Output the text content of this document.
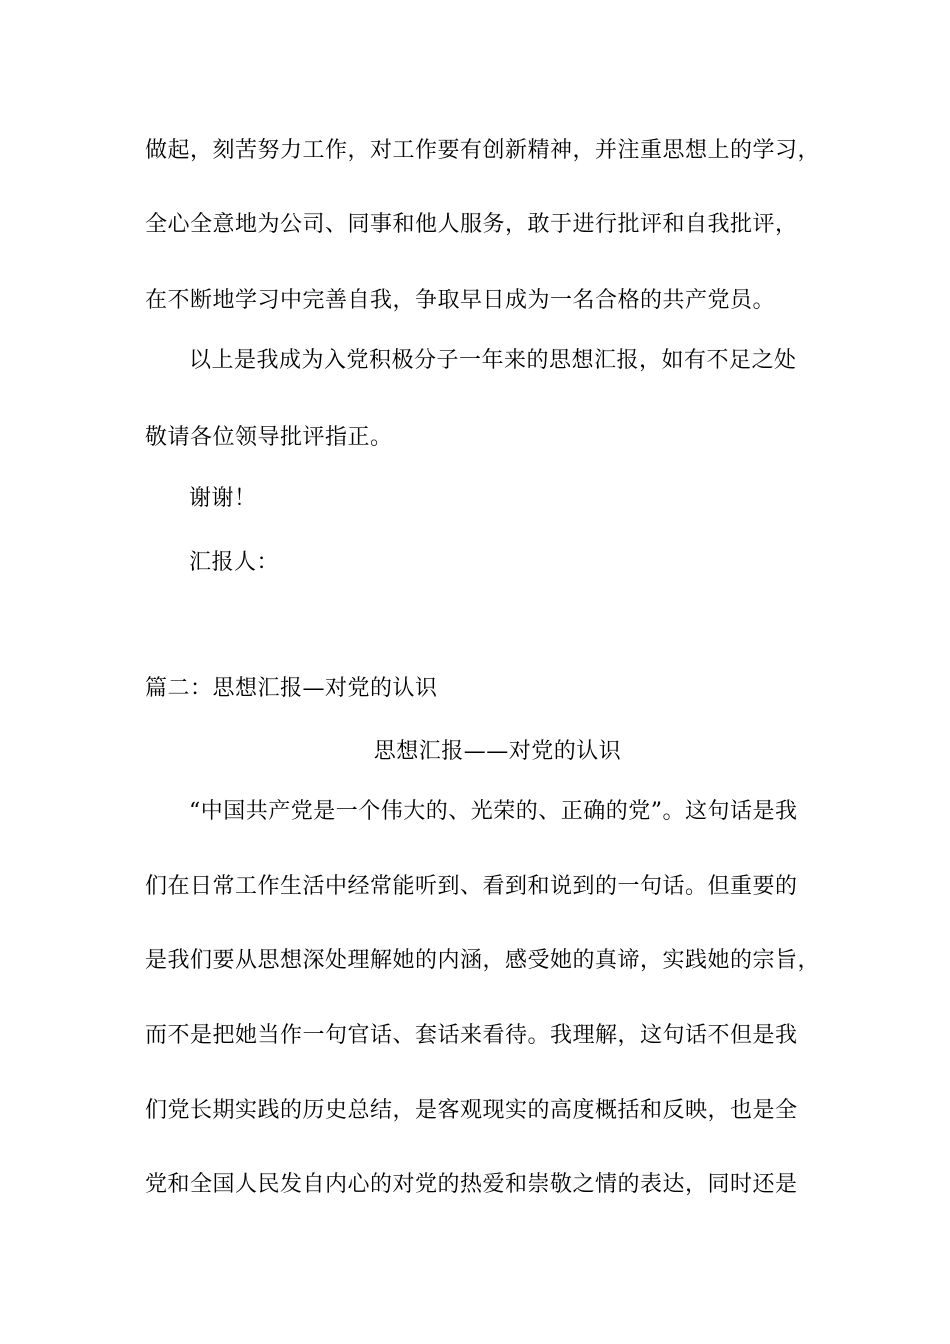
做起，刻苦努力工作，对工作要有创新精神，并注重思想上的学习，
全心全意地为公司、同事和他人服务，敢于进行批评和自我批评，
在不断地学习中完善自我，争取早日成为一名合格的共产党员。
以上是我成为入党积极分子一年来的思想汇报，如有不足之处
敬请各位领导批评指正。
谢谢！
汇报人：
篇二：思想汇报—对党的认识
思想汇报——对党的认识
“中国共产党是一个伟大的、光荣的、正确的党”。这句话是我
们在日常工作生活中经常能听到、看到和说到的一句话。但重要的
是我们要从思想深处理解她的内涵，感受她的真谛，实践她的宗旨，
而不是把她当作一句官话、套话来看待。我理解，这句话不但是我
们党长期实践的历史总结，是客观现实的高度概括和反映，也是全
党和全国人民发自内心的对党的热爱和崇敬之情的表达，同时还是
